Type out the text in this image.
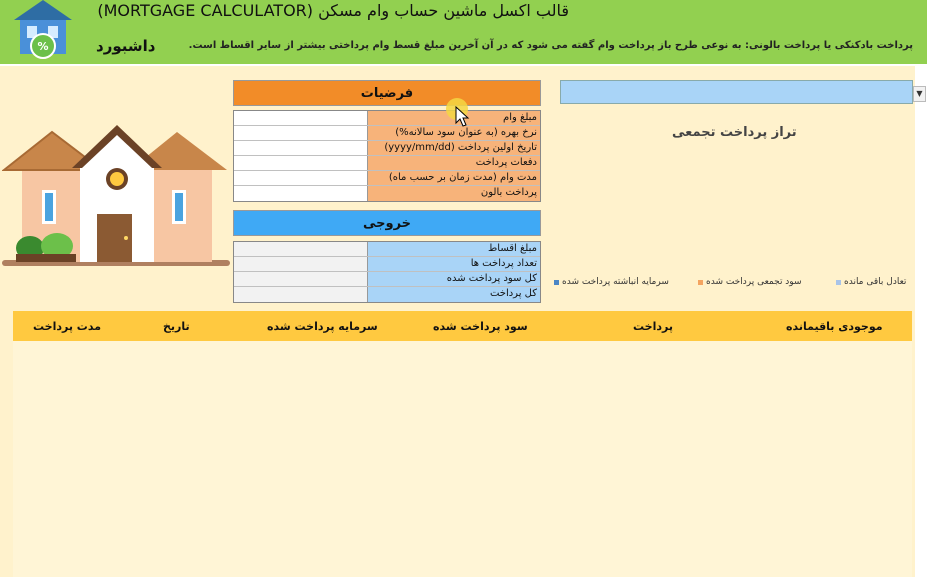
%
قالب اکسل ماشین حساب وام مسکن (MORTGAGE CALCULATOR)
داشبورد	پرداخت بادکنکی یا پرداخت بالونی: به نوعی طرح باز پرداخت وام گفته می شود که در آن آخرین مبلغ قسط وام پرداختی بیشتر از سایر اقساط است.
فرضیات
مبلغ وام
نرخ بهره (به عنوان سود سالانه%)
تاریخ اولین پرداخت (yyyy/mm/dd)
دفعات پرداخت
مدت وام (مدت زمان بر حسب ماه)
پرداخت بالون
خروجی
مبلغ اقساط
تعداد پرداخت ها
کل سود پرداخت شده
کل پرداخت
▼
تراز پرداخت تجمعی
تعادل باقی مانده
سود تجمعی پرداخت شده
سرمایه انباشته پرداخت شده
مدت پرداخت	تاریخ	سرمایه پرداخت شده	سود پرداخت شده	پرداخت	موجودی باقیمانده
